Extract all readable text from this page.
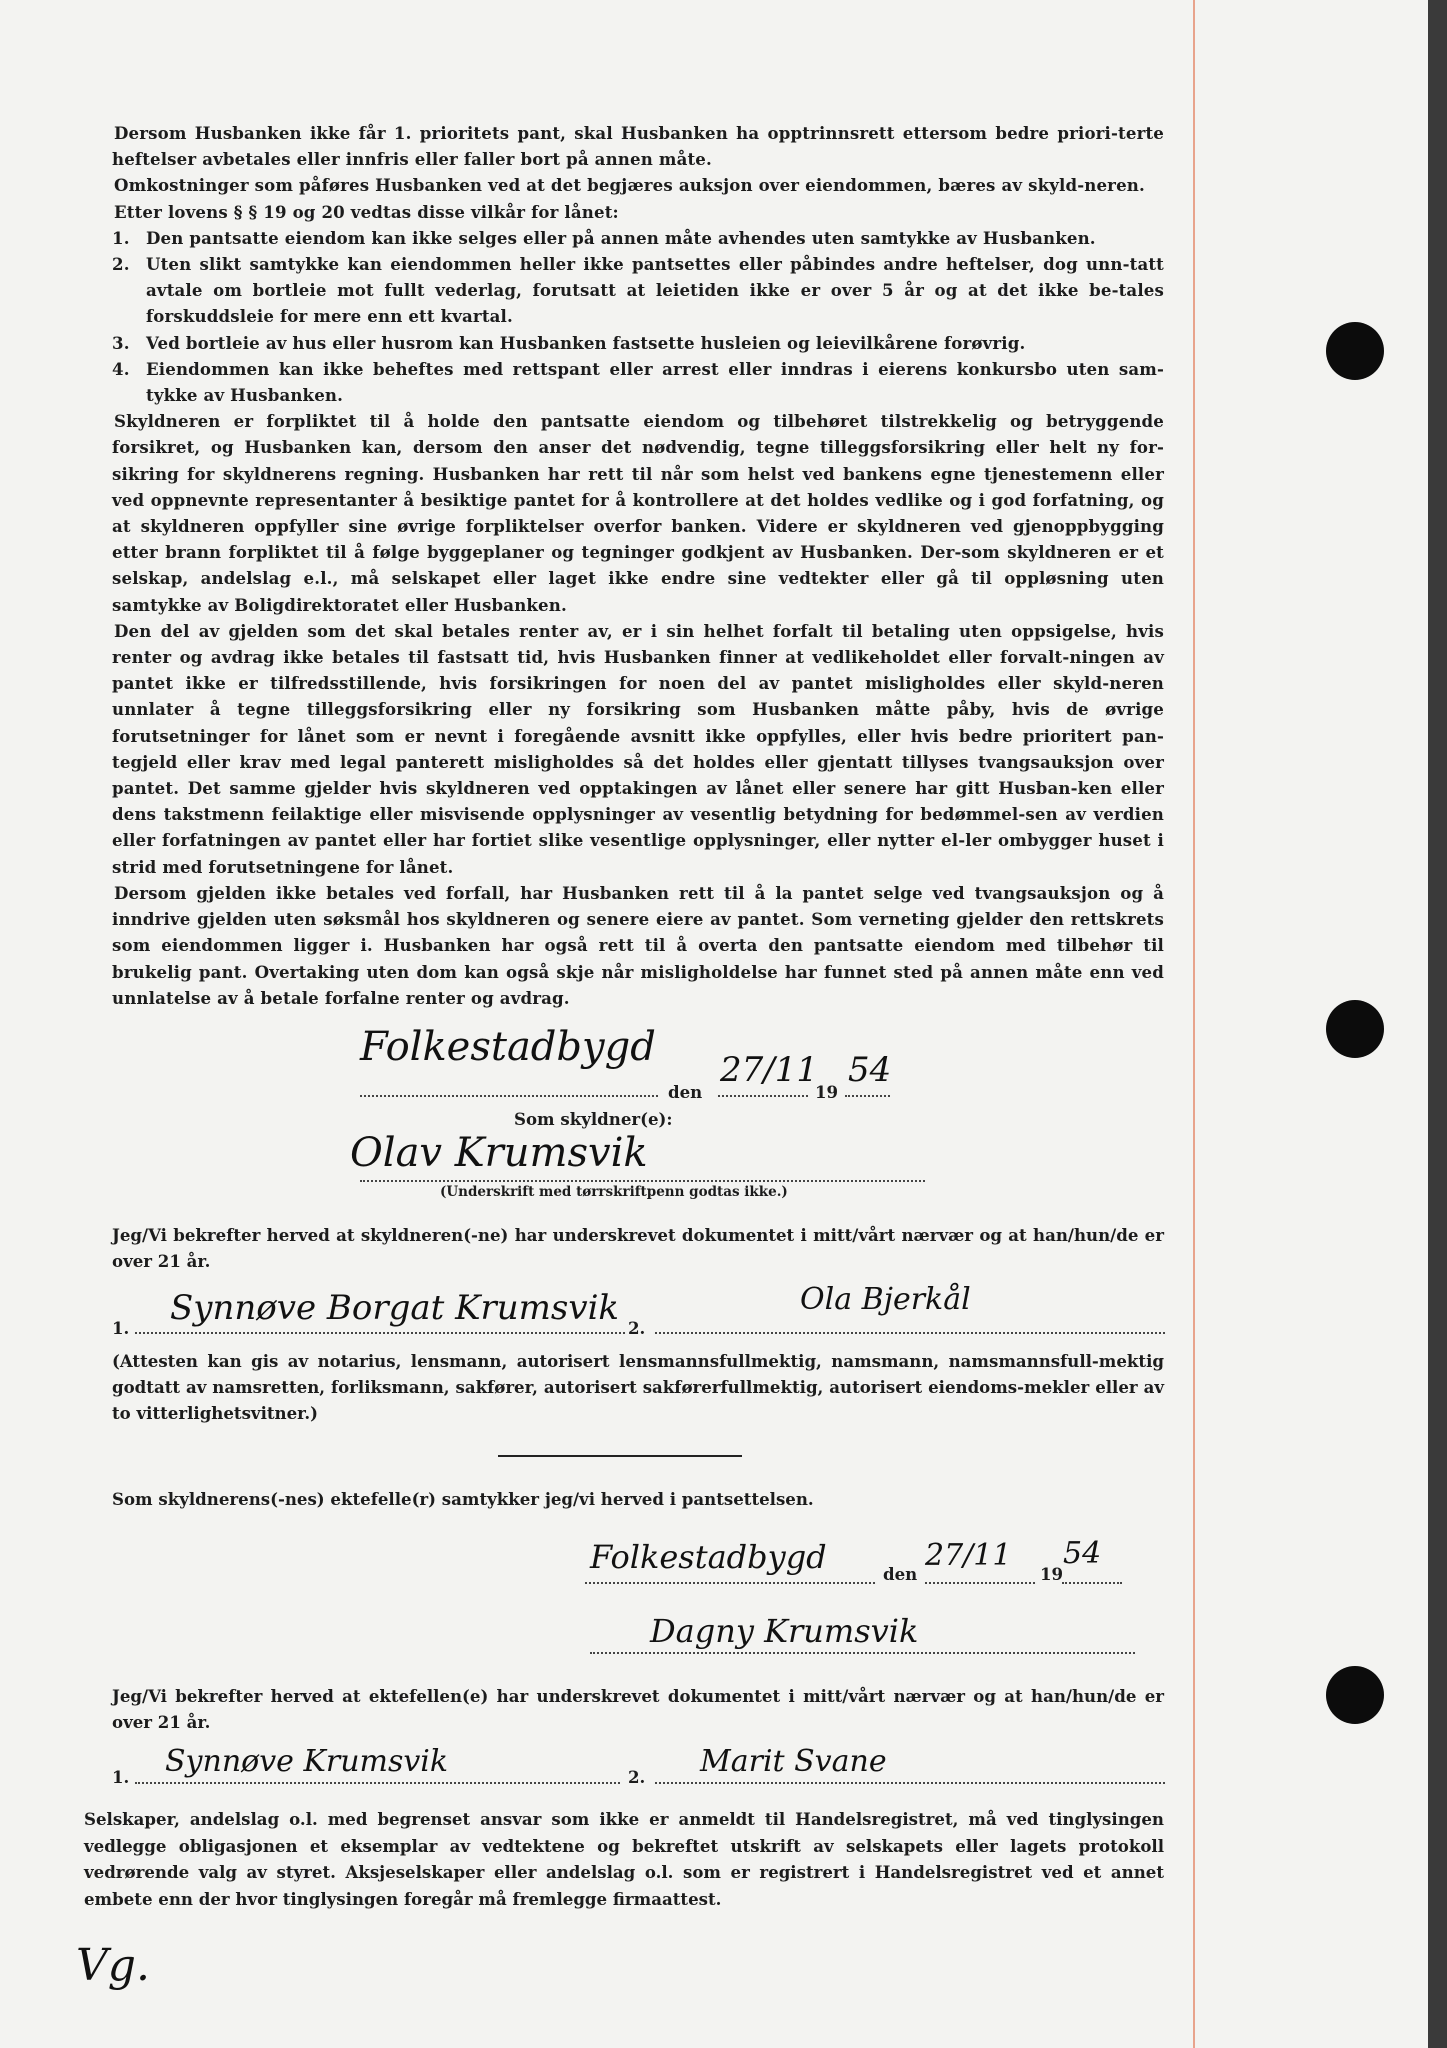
Dersom Husbanken ikke får 1. prioritets pant, skal Husbanken ha opptrinnsrett ettersom bedre priori-terte heftelser avbetales eller innfris eller faller bort på annen måte.

Omkostninger som påføres Husbanken ved at det begjæres auksjon over eiendommen, bæres av skyld-neren.

Etter lovens § § 19 og 20 vedtas disse vilkår for lånet:

1. Den pantsatte eiendom kan ikke selges eller på annen måte avhendes uten samtykke av Husbanken.

2. Uten slikt samtykke kan eiendommen heller ikke pantsettes eller påbindes andre heftelser, dog unn-tatt avtale om bortleie mot fullt vederlag, forutsatt at leietiden ikke er over 5 år og at det ikke be-tales forskuddsleie for mere enn ett kvartal.

3. Ved bortleie av hus eller husrom kan Husbanken fastsette husleien og leievilkårene forøvrig.

4. Eiendommen kan ikke beheftes med rettspant eller arrest eller inndras i eierens konkursbo uten sam-tykke av Husbanken.

Skyldneren er forpliktet til å holde den pantsatte eiendom og tilbehøret tilstrekkelig og betryggende forsikret, og Husbanken kan, dersom den anser det nødvendig, tegne tilleggsforsikring eller helt ny for-sikring for skyldnerens regning. Husbanken har rett til når som helst ved bankens egne tjenestemenn eller ved oppnevnte representanter å besiktige pantet for å kontrollere at det holdes vedlike og i god forfatning, og at skyldneren oppfyller sine øvrige forpliktelser overfor banken. Videre er skyldneren ved gjenoppbygging etter brann forpliktet til å følge byggeplaner og tegninger godkjent av Husbanken. Der-som skyldneren er et selskap, andelslag e.l., må selskapet eller laget ikke endre sine vedtekter eller gå til oppløsning uten samtykke av Boligdirektoratet eller Husbanken.

Den del av gjelden som det skal betales renter av, er i sin helhet forfalt til betaling uten oppsigelse, hvis renter og avdrag ikke betales til fastsatt tid, hvis Husbanken finner at vedlikeholdet eller forvalt-ningen av pantet ikke er tilfredsstillende, hvis forsikringen for noen del av pantet misligholdes eller skyld-neren unnlater å tegne tilleggsforsikring eller ny forsikring som Husbanken måtte påby, hvis de øvrige forutsetninger for lånet som er nevnt i foregående avsnitt ikke oppfylles, eller hvis bedre prioritert pan-tegjeld eller krav med legal panterett misligholdes så det holdes eller gjentatt tillyses tvangsauksjon over pantet. Det samme gjelder hvis skyldneren ved opptakingen av lånet eller senere har gitt Husban-ken eller dens takstmenn feilaktige eller misvisende opplysninger av vesentlig betydning for bedømmel-sen av verdien eller forfatningen av pantet eller har fortiet slike vesentlige opplysninger, eller nytter el-ler ombygger huset i strid med forutsetningene for lånet.

Dersom gjelden ikke betales ved forfall, har Husbanken rett til å la pantet selge ved tvangsauksjon og å inndrive gjelden uten søksmål hos skyldneren og senere eiere av pantet. Som verneting gjelder den rettskrets som eiendommen ligger i. Husbanken har også rett til å overta den pantsatte eiendom med tilbehør til brukelig pant. Overtaking uten dom kan også skje når misligholdelse har funnet sted på annen måte enn ved unnlatelse av å betale forfalne renter og avdrag.

Folkestadbygd
den
27/11
19
54
Som skyldner(e):
Olav Krumsvik
(Underskrift med tørrskriftpenn godtas ikke.)
Jeg/Vi bekrefter herved at skyldneren(-ne) har underskrevet dokumentet i mitt/vårt nærvær og at han/hun/de er over 21 år.
1. Synnøve Borgat Krumsvik 2.
Ola Bjerkål
(Attesten kan gis av notarius, lensmann, autorisert lensmannsfullmektig, namsmann, namsmannsfull-mektig godtatt av namsretten, forliksmann, sakfører, autorisert sakførerfullmektig, autorisert eiendoms-mekler eller av to vitterlighetsvitner.)
Som skyldnerens(-nes) ektefelle(r) samtykker jeg/vi herved i pantsettelsen.
Folkestadbygd	den
27/11
19
54
Dagny Krumsvik
Jeg/Vi bekrefter herved at ektefellen(e) har underskrevet dokumentet i mitt/vårt nærvær og at han/hun/de er over 21 år.
1. Synnøve Krumsvik	2. Marit Svane
Selskaper, andelslag o.l. med begrenset ansvar som ikke er anmeldt til Handelsregistret, må ved tinglysingen vedlegge obligasjonen et eksemplar av vedtektene og bekreftet utskrift av selskapets eller lagets protokoll vedrørende valg av styret. Aksjeselskaper eller andelslag o.l. som er registrert i Handelsregistret ved et annet embete enn der hvor tinglysingen foregår må fremlegge firmaattest.
Vg.
